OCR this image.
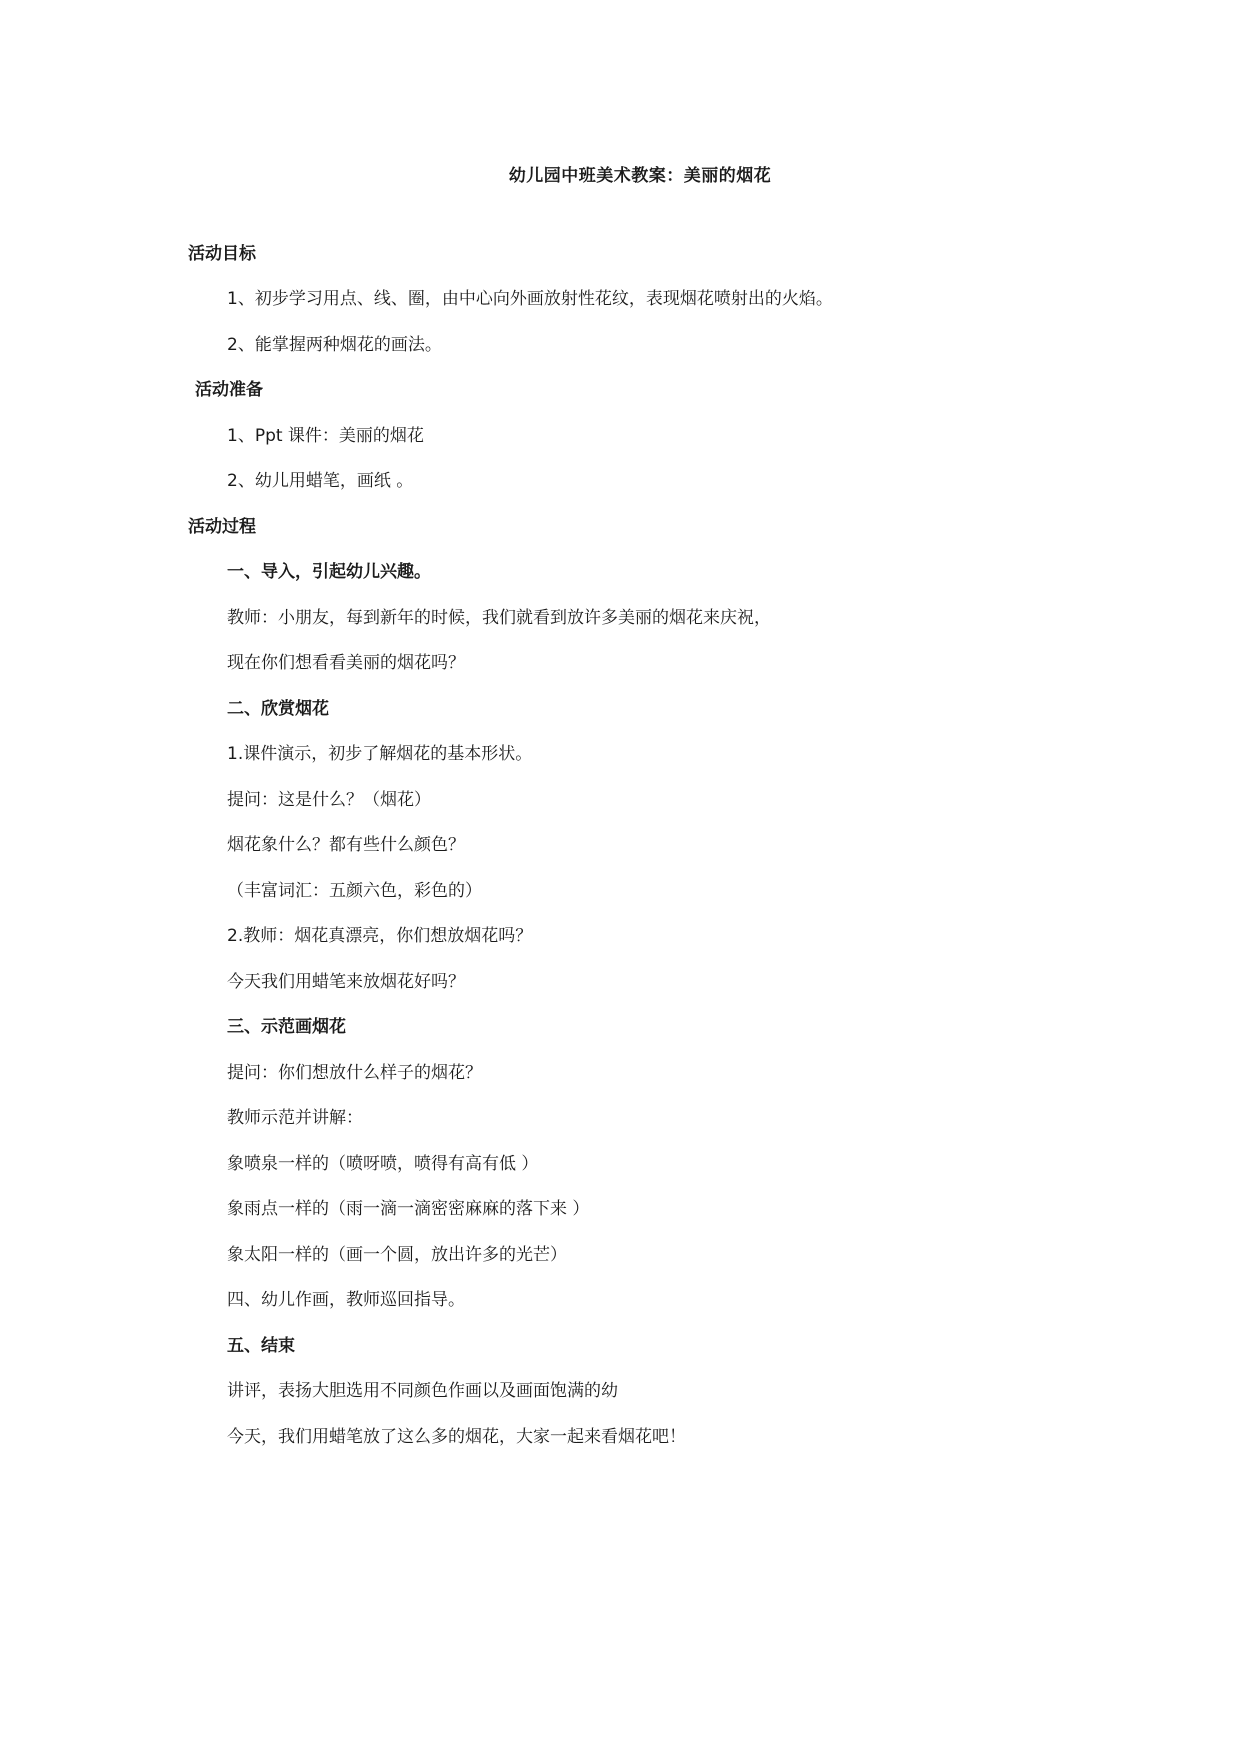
幼儿园中班美术教案：美丽的烟花
活动目标
1、初步学习用点、线、圈，由中心向外画放射性花纹，表现烟花喷射出的火焰。
2、能掌握两种烟花的画法。
活动准备
1、Ppt 课件：美丽的烟花
2、幼儿用蜡笔，画纸 。
活动过程
一、导入，引起幼儿兴趣。
教师：小朋友，每到新年的时候，我们就看到放许多美丽的烟花来庆祝，
现在你们想看看美丽的烟花吗？
二、欣赏烟花
1.课件演示，初步了解烟花的基本形状。
提问：这是什么？（烟花）
烟花象什么？都有些什么颜色？
（丰富词汇：五颜六色，彩色的）
2.教师：烟花真漂亮，你们想放烟花吗？
今天我们用蜡笔来放烟花好吗？
三、示范画烟花
提问：你们想放什么样子的烟花？
教师示范并讲解：
象喷泉一样的（喷呀喷，喷得有高有低 ）
象雨点一样的（雨一滴一滴密密麻麻的落下来 ）
象太阳一样的（画一个圆，放出许多的光芒）
四、幼儿作画，教师巡回指导。
五、结束
讲评，表扬大胆选用不同颜色作画以及画面饱满的幼
今天，我们用蜡笔放了这么多的烟花，大家一起来看烟花吧！
